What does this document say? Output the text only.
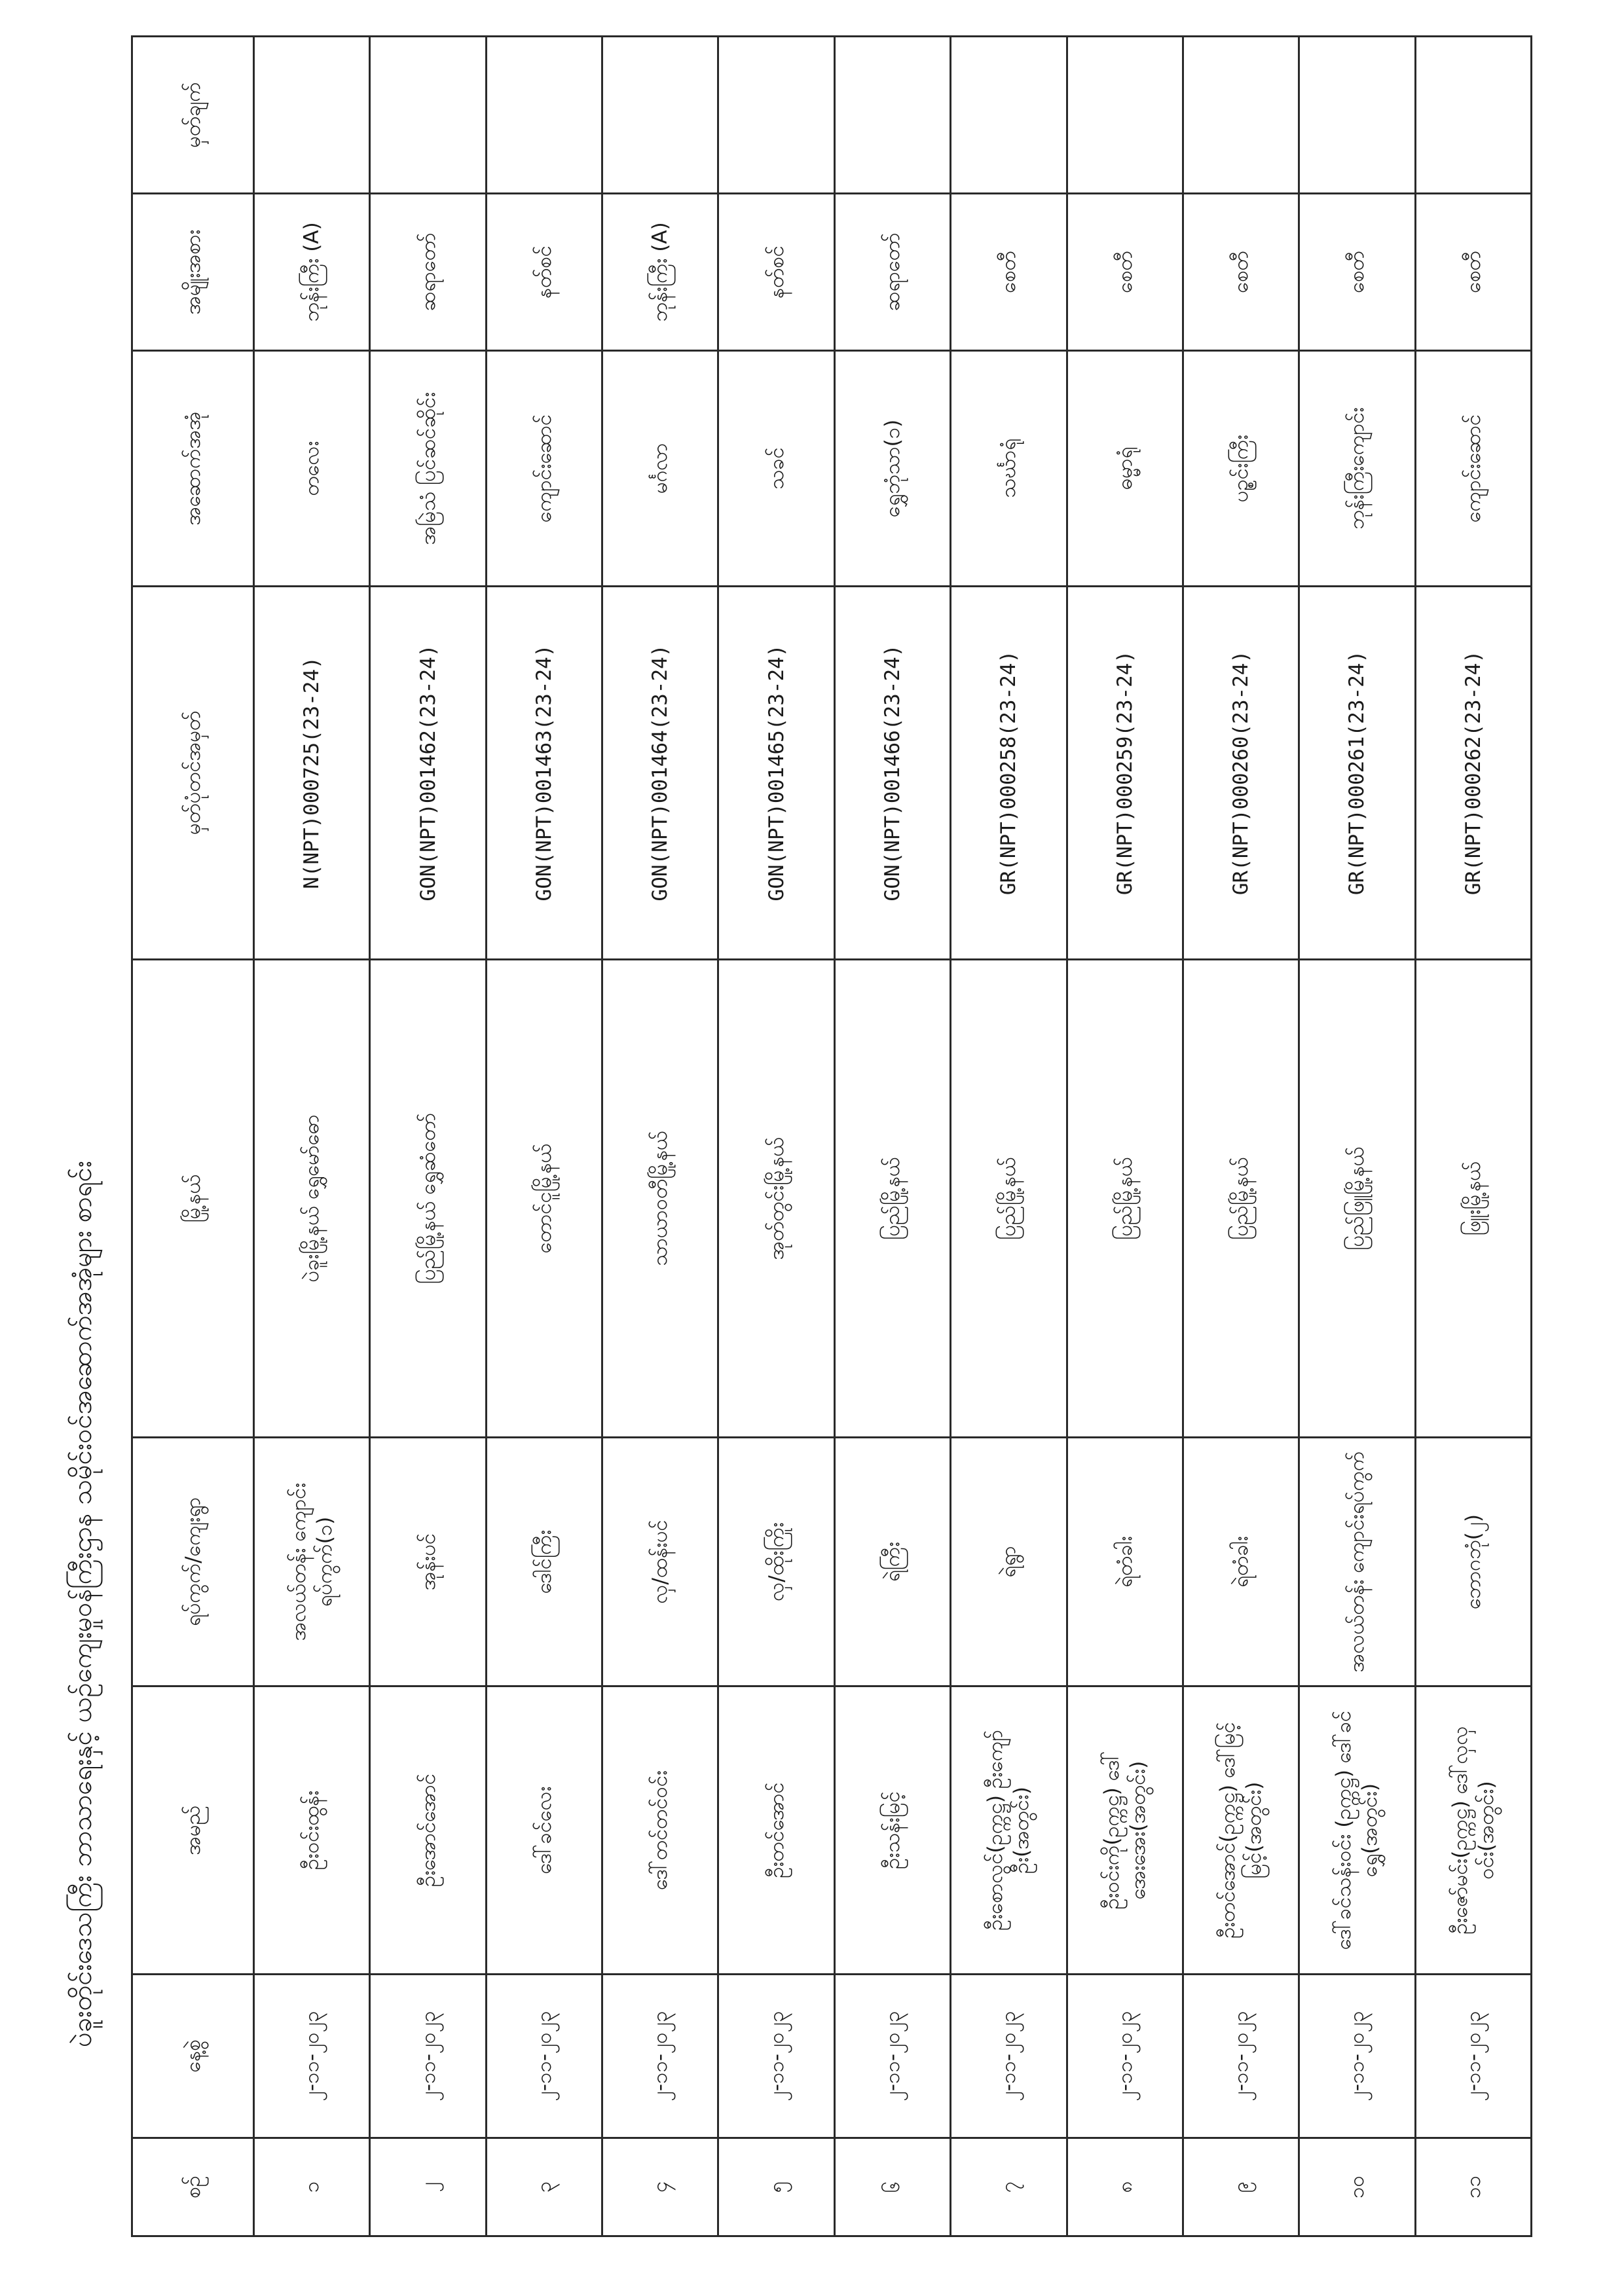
ပဲခူးတိုင်းဒေသကြီး ဘာသာရေးနှင့် ယဉ်ကျေးမှုဝန်ကြီးဌာန သမိုင်းဝင်အဆောက်အအုံများ စာရင်း
စဉ်	နေ့စွဲ	အမည်	ရပ်ကွက်/ကျေးရွာ	မြို့နယ်	မှတ်ပုံတင်အမှတ်	အဆောက်အအုံ	အမျိုးအစား	မှတ်ချက်
၁	၂-၁၁-၂၀၂၃	ဦးဝင်းထွန်း	အလယ်တန်း ကျောင်းရပ်ကွက်(၁)	ပဲခူးမြို့နယ် ရွှေမော်ဓော	N(NPT)000725(23-24)	တလေး	ဘုန်းကြီး (A)	
၂	၂-၁၁-၂၀၂၃	ဦးအောင်အောင်	အုန်းပင်	ပြည်မြို့နယ် ရွှေဆံတော်	GON(NPT)001462(23-24)	အမြဲသံ ပြင်ဆင်ဆိုင်း	ဆရာတော်	
၃	၂-၁၁-၂၀၂၃	ဒေါ်ခင်လေး	ဒေါင်ကြီး	တောင်ငူမြို့နယ်	GON(NPT)001463(23-24)	ကျောင်းဆောင်	နတ်စင်	
၄	၂-၁၁-၂၀၂၃	ဒေါ်တင်တင်ဝင်း	လှ/ထန်းပင်	သာယာဝတီမြို့နယ်	GON(NPT)001464(23-24)	မင်္ဂလာ	ဘုန်းကြီး (A)	
၅	၂-၁၁-၂၀၂၃	ဦးတင်အောင်	လှ/ထိုးကြိုး	အုတ်တွင်းမြို့နယ်	GON(NPT)001465(23-24)	သခင်	နတ်စင်	
၆	၂-၁၁-၂၀၂၃	ဦးသန်းမြင့်	ရဲကြီး	ပြည်မြို့နယ်	GON(NPT)001466(23-24)	ရွှေဘုံသာ(၁)	ဆရာတော်	
၇	၂-၁၁-၂၀၂၃	ဦးစောလွင်(ဥက္ကဋ္ဌ) ဦးကျော်ဦး(အတွင်း)	ရဲရွာ	ပြည်မြို့နယ်	GR(NPT)000258(23-24)	သင်္ဃာရုံ	စေတီ	
၈	၂-၁၁-၂၀၂၃	ဦးဝင်းကို(ဥက္ကဋ္ဌ) ဒေါ်အေးအေး(အတွင်း)	ရဲတံခါး	ပြည်မြို့နယ်	GR(NPT)000259(23-24)	ဓမ္မာရုံ	စေတီ	
၉	၂-၁၁-၂၀၂၃	ဦးတင်အောင်(ဥက္ကဋ္ဌ) ဒေါ်မြင့်မြင့်(အတွင်း)	ရဲတံခါး	ပြည်မြို့နယ်	GR(NPT)000260(23-24)	ပဉ္စင်းကြီး	စေတီ	
၁၀	၂-၁၁-၂၀၂၃	ဒေါ်ခင်သန်းဝင်း (ဥက္ကဋ္ဌ) ဒေါ်ခင်ရွှေ(အတွင်း)	အလယ်တန်း ကျောင်းရပ်ကွက်	ပြည်ဖြူမြို့နယ်	GR(NPT)000261(23-24)	ဘုန်းကြီးကျောင်း	စေတီ	
၁၁	၂-၁၁-၂၀၂၃	ဦးဇော်မင်း(ဥက္ကဋ္ဌ) ဒေါ်လှလှဝင်း(အတွင်း)	ဘောဂဘုံ(၂)	ဖြူးမြို့နယ်	GR(NPT)000262(23-24)	ကျောင်းဆောင်	စေတီ	
